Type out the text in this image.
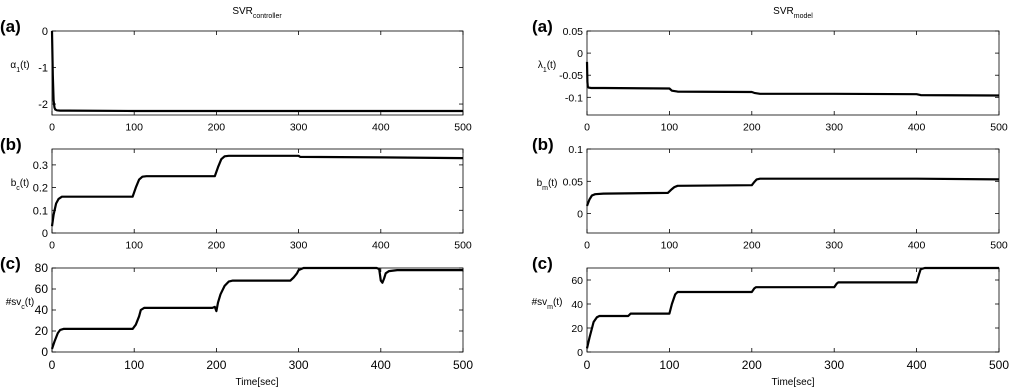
$SVR_{controller}$
0	100	200	300	400	500
0
-1
-2
(a)
$\alpha_1(t)$
0	100	200	300	400	500
0
0.1
0.2
0.3
(b)
$b_c(t)$
0	100	200	300	400	500
0
20
40
60
80
(c)
$\#sv_c(t)$
Time[sec]
$SVR_{model}$
0	100	200	300	400	500
0.05
0
-0.05
-0.1
(a)
$\lambda_1(t)$
0	100	200	300	400	500
0
0.05
0.1
(b)
$b_m(t)$
0	100	200	300	400	500
0
20
40
60
(c)
$\#sv_m(t)$
Time[sec]
